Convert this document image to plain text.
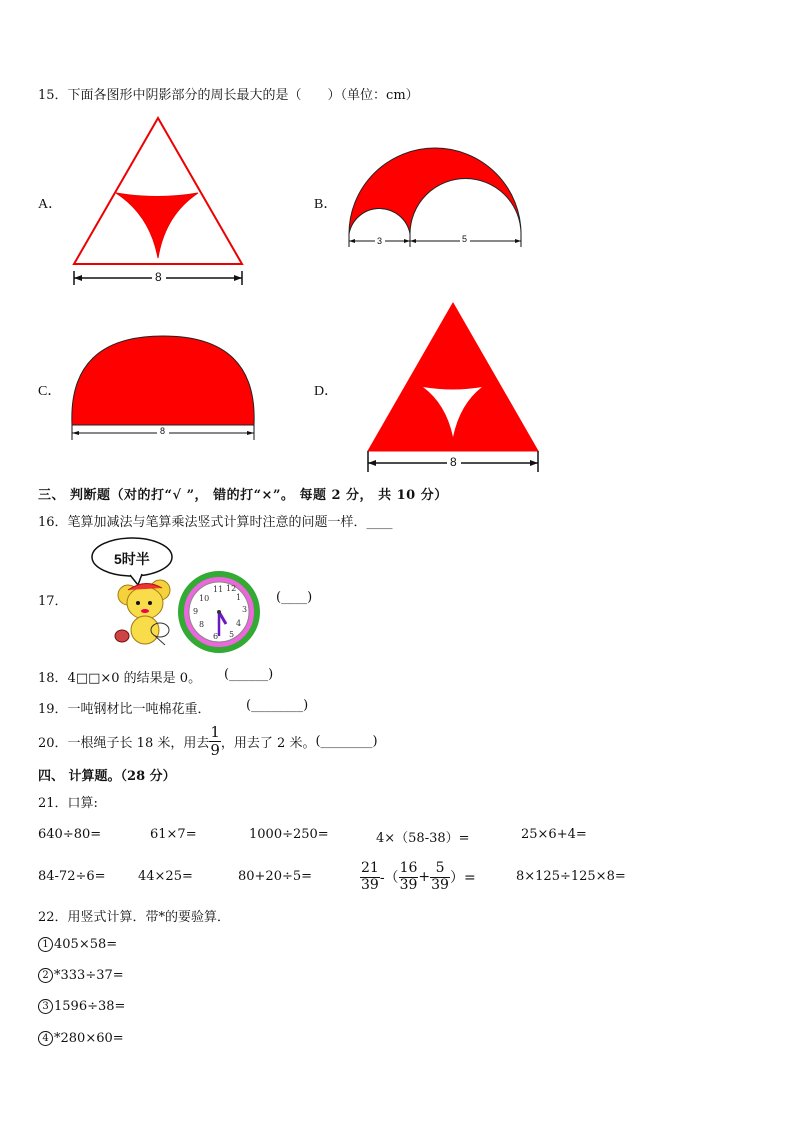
15．下面各图形中阴影部分的周长最大的是（　　）（单位：cm）
A．
8
B．
3	5
C．
8
D．
8
三、 判断题（对的打“√ ”， 错的打“×”。 每题 2 分， 共 10 分）
16．笔算加减法与笔算乘法竖式计算时注意的问题一样．____
17．
11 12
1
3
4
5
6
8
9
10
5时半
(____)
18．4□□×0 的结果是 0。 (______)
19．一吨钢材比一吨棉花重．	(________)
20．一根绳子长 18 米，用去 $\frac{1}{9}$ ，用去了 2 米。 (________)
四、 计算题。（28 分）
21．口算:
640÷80=	61×7=	1000÷250=	4×（58-38）=	25×6+4=
84-72÷6= 44×25=	80+20÷5=	$\frac{21}{39}$ -（ $\frac{16}{39} + \frac{5}{39}$ ）=	8×125÷125×8=
22．用竖式计算．带*的要验算．
1 405×58=
2 *333÷37=
3 1596÷38=
4 *280×60=
